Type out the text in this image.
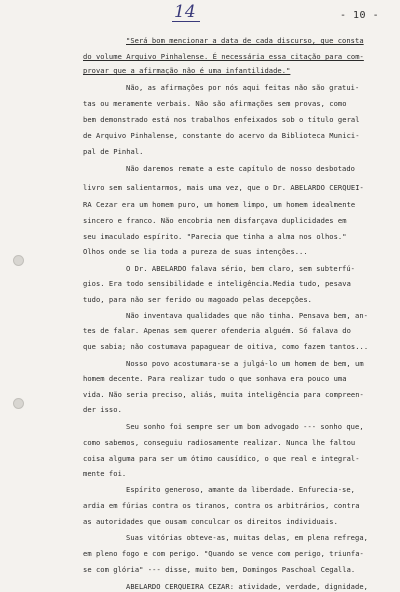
14	- 10 -
"Será bom mencionar a data de cada discurso, que consta
do volume Arquivo Pinhalense. É necessária essa citação para com-
provar que a afirmação não é uma infantilidade."
Não, as afirmações por nós aqui feitas não são gratui-
tas ou meramente verbais. Não são afirmações sem provas, como
bem demonstrado está nos trabalhos enfeixados sob o título geral
de Arquivo Pinhalense, constante do acervo da Biblioteca Munici-
pal de Pinhal.
Não daremos remate a este capítulo de nosso desbotado
livro sem salientarmos, mais uma vez, que o Dr. ABELARDO CERQUEI-
RA Cezar era um homem puro, um homem limpo, um homem idealmente
sincero e franco. Não encobria nem disfarçava duplicidades em
seu imaculado espírito. "Parecia que tinha a alma nos olhos."
Olhos onde se lia toda a pureza de suas intenções...
O Dr. ABELARDO falava sério, bem claro, sem subterfú-
gios. Era todo sensibilidade e inteligência.Media tudo, pesava
tudo, para não ser ferido ou magoado pelas decepções.
Não inventava qualidades que não tinha. Pensava bem, an-
tes de falar. Apenas sem querer ofenderia alguém. Só falava do
que sabia; não costumava papaguear de oitiva, como fazem tantos...
Nosso povo acostumara-se a julgá-lo um homem de bem, um
homem decente. Para realizar tudo o que sonhava era pouco uma
vida. Não seria preciso, aliás, muita inteligência para compreen-
der isso.
Seu sonho foi sempre ser um bom advogado --- sonho que,
como sabemos, conseguiu radiosamente realizar. Nunca lhe faltou
coisa alguma para ser um ótimo causídico, o que real e integral-
mente foi.
Espírito generoso, amante da liberdade. Enfurecia-se,
ardia em fúrias contra os tiranos, contra os arbitrários, contra
as autoridades que ousam conculcar os direitos individuais.
Suas vitórias obteve-as, muitas delas, em plena refrega,
em pleno fogo e com perigo. "Quando se vence com perigo, triunfa-
se com glória" --- disse, muito bem, Domingos Paschoal Cegalla.
ABELARDO CERQUEIRA CEZAR: atividade, verdade, dignidade,
